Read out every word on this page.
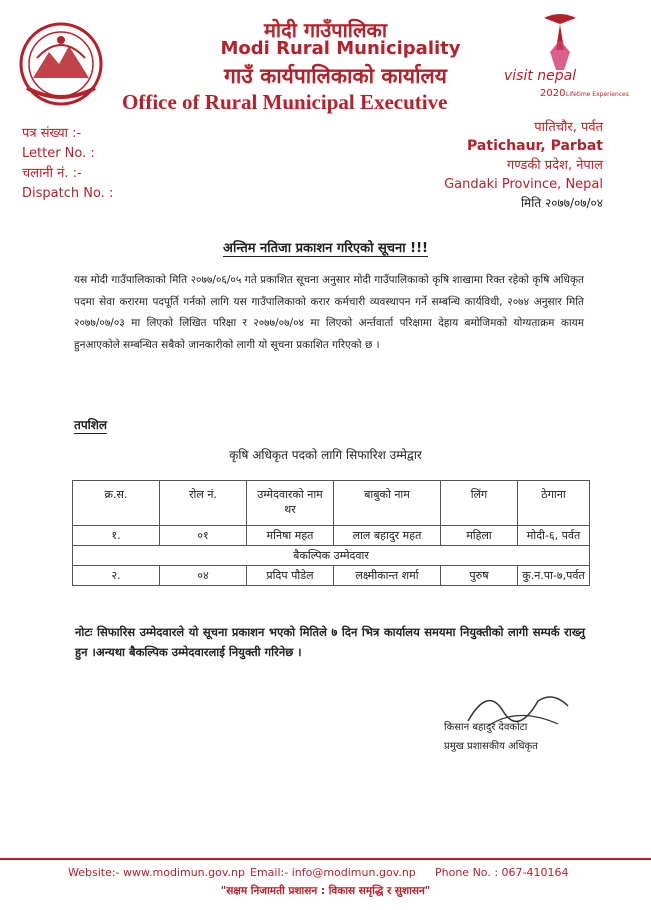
मोदी गाउँपालिका
Modi Rural Municipality
गाउँ कार्यपालिकाको कार्यालय
Office of Rural Municipal Executive
visit nepal
2020 Lifetime Experiences
पत्र संख्या :-
Letter No. :
चलानी नं. :-
Dispatch No. :
पातिचौर, पर्वत
Patichaur, Parbat
गण्डकी प्रदेश, नेपाल
Gandaki Province, Nepal
मिति २०७७/०७/०४
अन्तिम नतिजा प्रकाशन गरिएको सूचना !!!
यस मोदी गाउँपालिकाको मिति २०७७/०६/०५ गते प्रकाशित सूचना अनुसार मोदी गाउँपालिकाको कृषि शाखामा रिक्त रहेको कृषि अधिकृत पदमा सेवा करारमा पदपूर्ति गर्नको लागि यस गाउँपालिकाको करार कर्मचारी व्यवस्थापन गर्ने सम्बन्धि कार्यविधी, २०७४ अनुसार मिति २०७७/०७/०३ मा लिएको लिखित परिक्षा र २०७७/०७/०४ मा लिएको अर्न्तवार्ता परिक्षामा देहाय बमोजिमको योग्यताक्रम कायम हुनआएकोले सम्बन्धित सबैको जानकारीको लागी यो सूचना प्रकाशित गरिएको छ ।
तपशिल
कृषि अधिकृत पदको लागि सिफारिश उम्मेद्वार
क्र.स.	रोल नं.	उम्मेदवारको नाम थर	बाबुको नाम	लिंग	ठेगाना
१.	०१	मनिषा महत	लाल बहादुर महत	महिला	मोदी-६, पर्वत
बैकल्पिक उम्मेदवार					
२.	०४	प्रदिप पौडेल	लक्ष्मीकान्त शर्मा	पुरुष	कु.न.पा-७,पर्वत
नोटः सिफारिस उम्मेदवारले यो सूचना प्रकाशन भएको मितिले ७ दिन भित्र कार्यालय समयमा नियुक्तीको लागी सम्पर्क राख्नु हुन ।अन्यथा बैकल्पिक उम्मेदवारलाई नियुक्ती गरिनेछ ।
किसान बहादुर देवकोटा
प्रमुख प्रशासकीय अधिकृत
Website:- www.modimun.gov.np Email:- info@modimun.gov.np Phone No. : 067-410164
"सक्षम निजामती प्रशासन : विकास समृद्धि र सुशासन"
